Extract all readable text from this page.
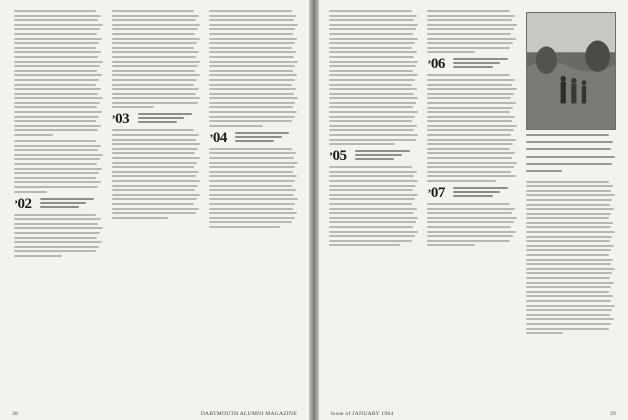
’02
’03
’04
38	DARTMOUTH ALUMNI MAGAZINE
’05
’06
’07
Issue of JANUARY 1964	39
